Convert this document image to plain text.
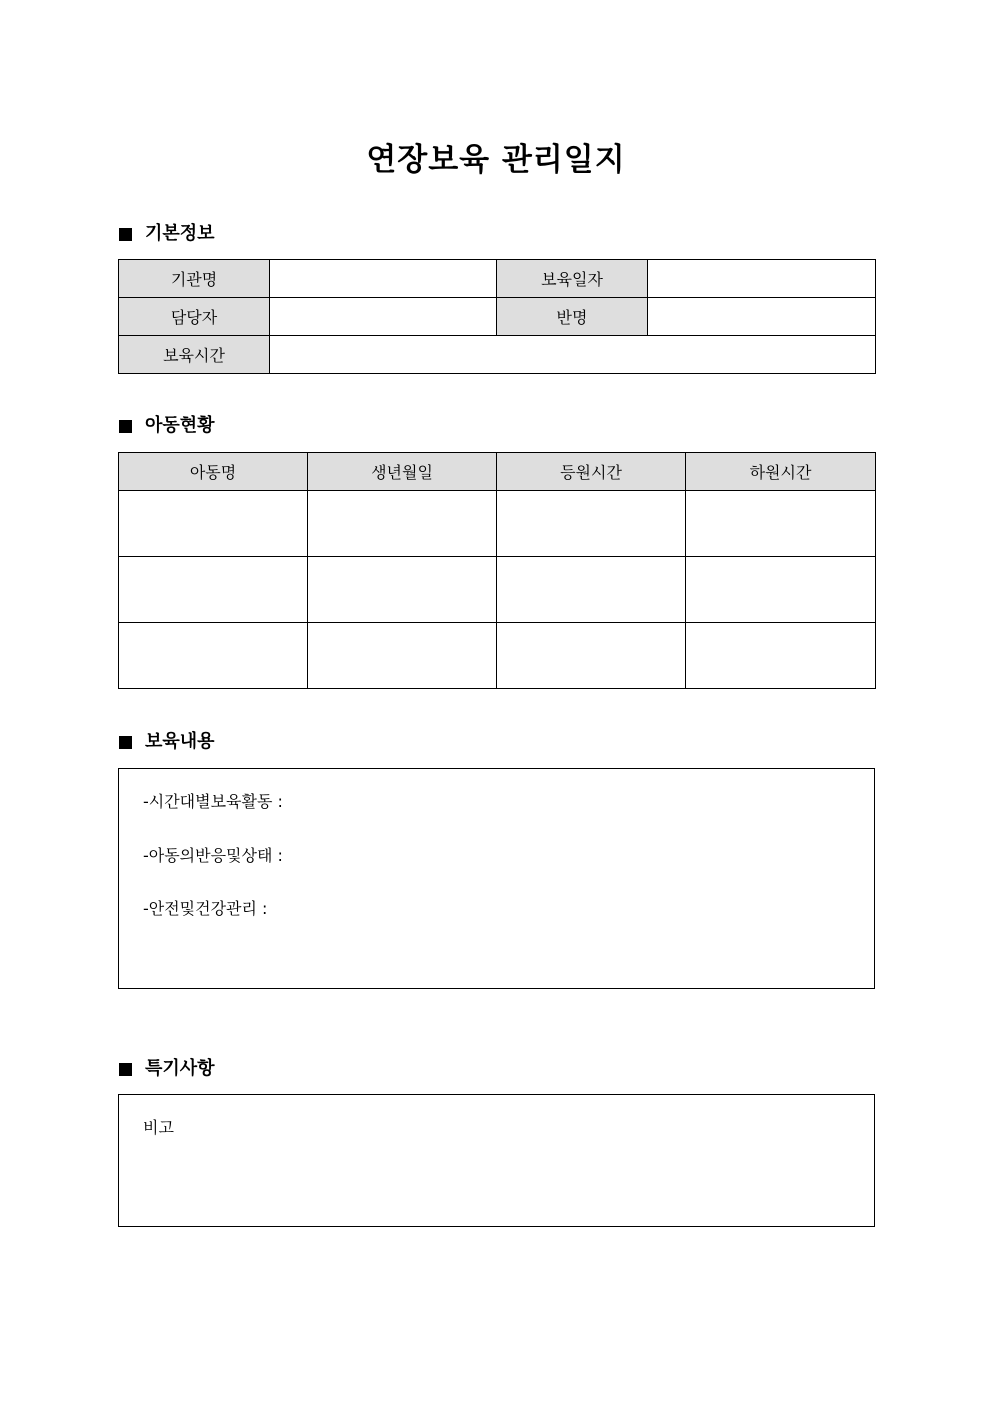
연장보육 관리일지
기본정보
기관명		보육일자	
담당자		반명	
보육시간			
아동현황
아동명	생년월일	등원시간	하원시간

보육내용
-시간대별보육활동 :
-아동의반응및상태 :
-안전및건강관리 :
특기사항
비고
